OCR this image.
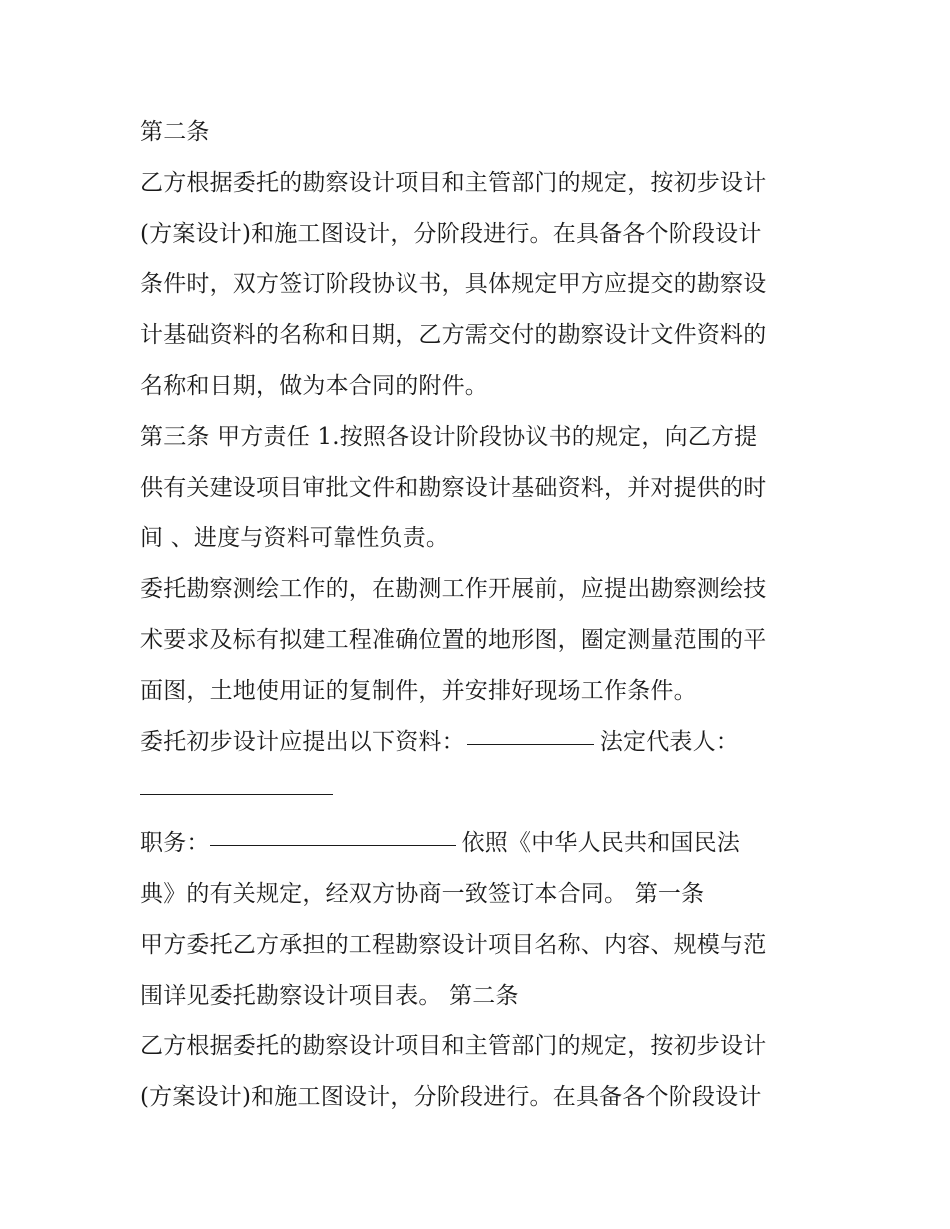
第二条
乙方根据委托的勘察设计项目和主管部门的规定，按初步设计
(方案设计)和施工图设计，分阶段进行。在具备各个阶段设计
条件时，双方签订阶段协议书，具体规定甲方应提交的勘察设
计基础资料的名称和日期，乙方需交付的勘察设计文件资料的
名称和日期，做为本合同的附件。
第三条 甲方责任 1.按照各设计阶段协议书的规定，向乙方提
供有关建设项目审批文件和勘察设计基础资料，并对提供的时
间 、进度与资料可靠性负责。
委托勘察测绘工作的，在勘测工作开展前，应提出勘察测绘技
术要求及标有拟建工程准确位置的地形图，圈定测量范围的平
面图，土地使用证的复制件，并安排好现场工作条件。
委托初步设计应提出以下资料：	法定代表人：
职务：	依照《中华人民共和国民法
典》的有关规定，经双方协商一致签订本合同。 第一条
甲方委托乙方承担的工程勘察设计项目名称、内容、规模与范
围详见委托勘察设计项目表。 第二条
乙方根据委托的勘察设计项目和主管部门的规定，按初步设计
(方案设计)和施工图设计，分阶段进行。在具备各个阶段设计
